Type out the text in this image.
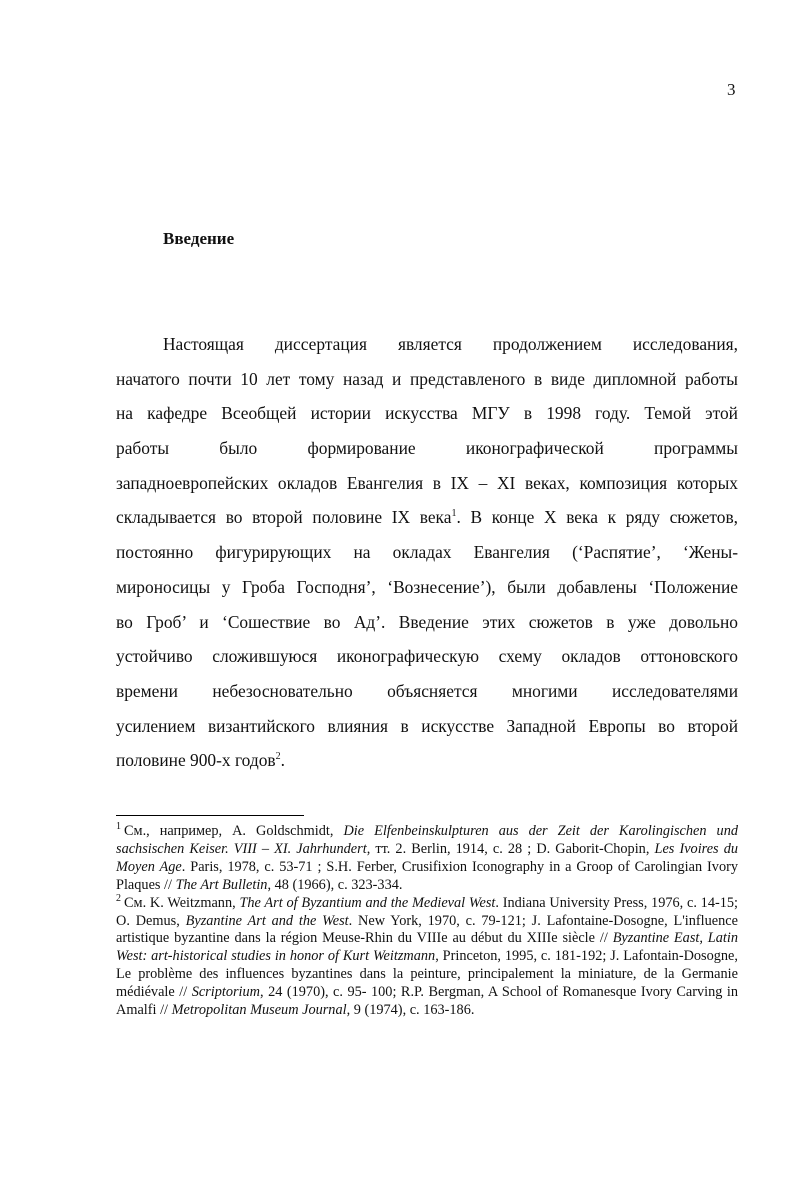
3
Введение
Настоящая диссертация является продолжением исследования,
начатого почти 10 лет тому назад и представленого в виде дипломной работы
на кафедре Всеобщей истории искусства МГУ в 1998 году. Темой этой
работы было формирование иконографической программы
западноевропейских окладов Евангелия в IX – XI веках, композиция которых
складывается во второй половине IX века$^1$. В конце X века к ряду сюжетов,
постоянно фигурирующих на окладах Евангелия (‘Распятие’, ‘Жены-
мироносицы у Гроба Господня’, ‘Вознесение’), были добавлены ‘Положение
во Гроб’ и ‘Сошествие во Ад’. Введение этих сюжетов в уже довольно
устойчиво сложившуюся иконографическую схему окладов оттоновского
времени небезосновательно объясняется многими исследователями
усилением византийского влияния в искусстве Западной Европы во второй
половине 900-х годов$^2$.

$^1$ См., например, A. Goldschmidt, Die Elfenbeinskulpturen aus der Zeit der Karolingischen und sachsischen Keiser. VIII – XI. Jahrhundert, тт. 2. Berlin, 1914, с. 28 ; D. Gaborit-Chopin, Les Ivoires du Moyen Age. Paris, 1978, с. 53-71 ; S.H. Ferber, Crusifixion Iconography in a Groop of Carolingian Ivory Plaques // The Art Bulletin, 48 (1966), с. 323-334.

$^2$ См. K. Weitzmann, The Art of Byzantium and the Medieval West. Indiana University Press, 1976, с. 14-15; O. Demus, Byzantine Art and the West. New York, 1970, с. 79-121; J. Lafontaine-Dosogne, L'influence artistique byzantine dans la région Meuse-Rhin du VIIIe au début du XIIIe siècle // Byzantine East, Latin West: art-historical studies in honor of Kurt Weitzmann, Princeton, 1995, с. 181-192; J. Lafontain-Dosogne, Le problème des influences byzantines dans la peinture, principalement la miniature, de la Germanie médiévale // Scriptorium, 24 (1970), с. 95- 100; R.P. Bergman, A School of Romanesque Ivory Carving in Amalfi // Metropolitan Museum Journal, 9 (1974), с. 163-186.
